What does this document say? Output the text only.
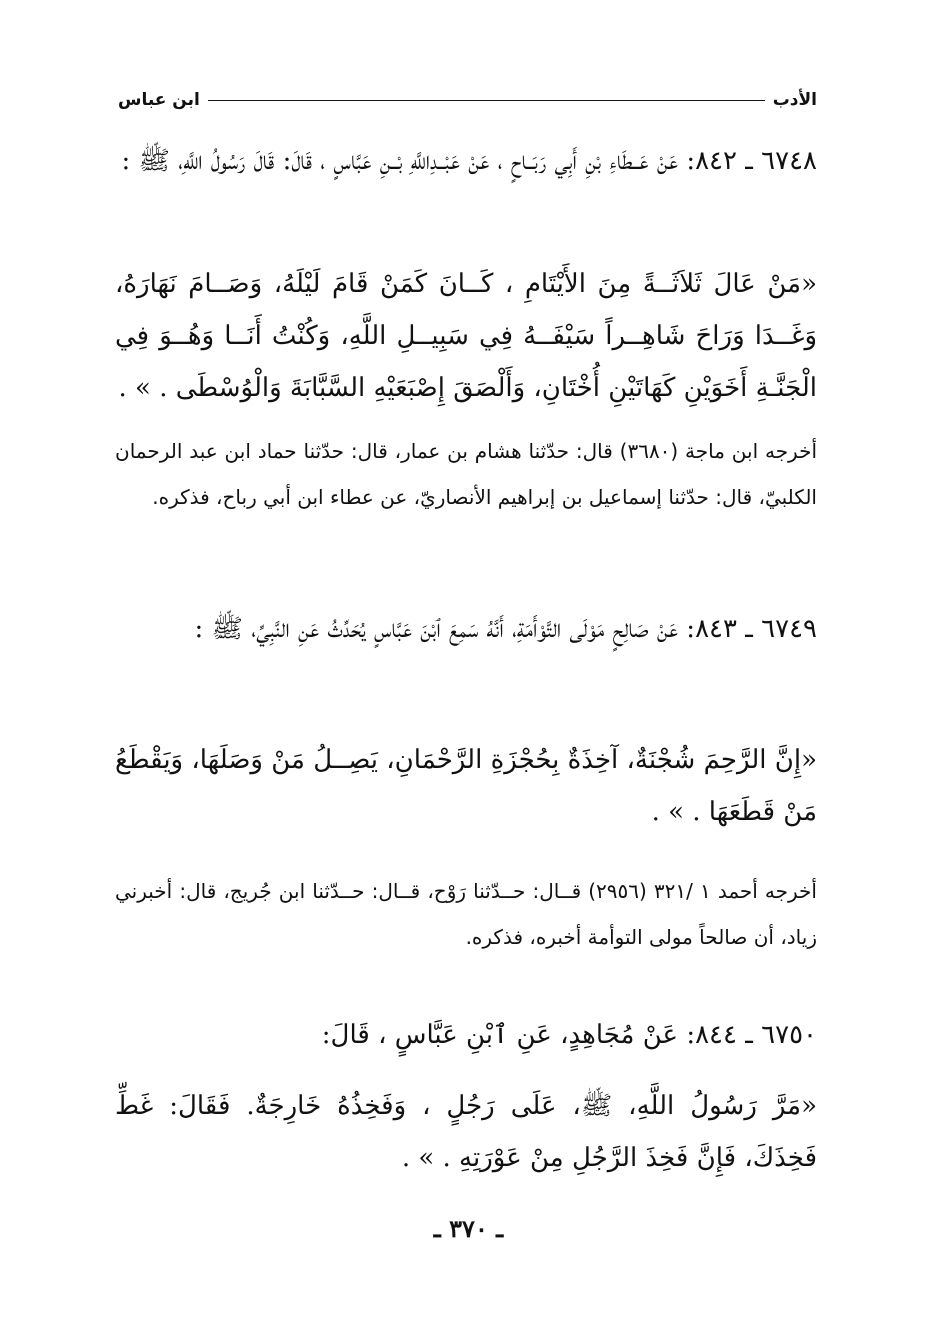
الأدب
ابن عباس
٦٧٤٨ ـ ٨٤٢: عَنْ عَــطَاءِ بْنِ أَبِي رَبَــاحٍ ، عَنْ عَبْــدِاللَّهِ بْــنِ عَبَّاسٍ ، قَالَ: قَالَ رَسُولُ اللَّهِ، ﷺ :
«مَنْ عَالَ ثَلاَثَــةً مِنَ الأَيْتَامِ ، كَــانَ كَمَنْ قَامَ لَيْلَهُ، وَصَــامَ نَهَارَهُ، وَغَــدَا وَرَاحَ شَاهِــراً سَيْفَــهُ فِي سَبِيــلِ اللَّهِ، وَكُنْتُ أَنَــا وَهُــوَ فِي الْجَنَّـةِ أَخَوَيْنِ كَهَاتَيْنِ أُخْتَانِ، وَأَلْصَقَ إِصْبَعَيْهِ السَّبَّابَةَ وَالْوُسْطَى . » .
أخرجه ابن ماجة (٣٦٨٠) قال: حدّثنا هشام بن عمار، قال: حدّثنا حماد ابن عبد الرحمان الكلبيّ، قال: حدّثنا إسماعيل بن إبراهيم الأنصاريّ، عن عطاء ابن أبي رباح، فذكره.
٦٧٤٩ ـ ٨٤٣: عَنْ صَالِحٍ مَوْلَى التَّوْأَمَةِ، أَنَّهُ سَمِعَ ٱبْنَ عَبَّاسٍ يُحَدِّثُ عَنِ النَّبِيِّ، ﷺ :
«إِنَّ الرَّحِمَ شُجْنَةٌ، آخِذَةٌ بِحُجْزَةِ الرَّحْمَانِ، يَصِــلُ مَنْ وَصَلَهَا، وَيَقْطَعُ مَنْ قَطَعَهَا . » .
أخرجه أحمد ١ /٣٢١ (٢٩٥٦) قــال: حــدّثنا رَوْح، قــال: حــدّثنا ابن جُريج، قال: أخبرني زياد، أن صالحاً مولى التوأمة أخبره، فذكره.
٦٧٥٠ ـ ٨٤٤: عَنْ مُجَاهِدٍ، عَنِ ٱبْنِ عَبَّاسٍ ، قَالَ:
«مَرَّ رَسُولُ اللَّهِ، ﷺ، عَلَى رَجُلٍ ، وَفَخِذُهُ خَارِجَةٌ. فَقَالَ: غَطِّ فَخِذَكَ، فَإِنَّ فَخِذَ الرَّجُلِ مِنْ عَوْرَتِهِ . » .
ـ ٣٧٠ ـ
